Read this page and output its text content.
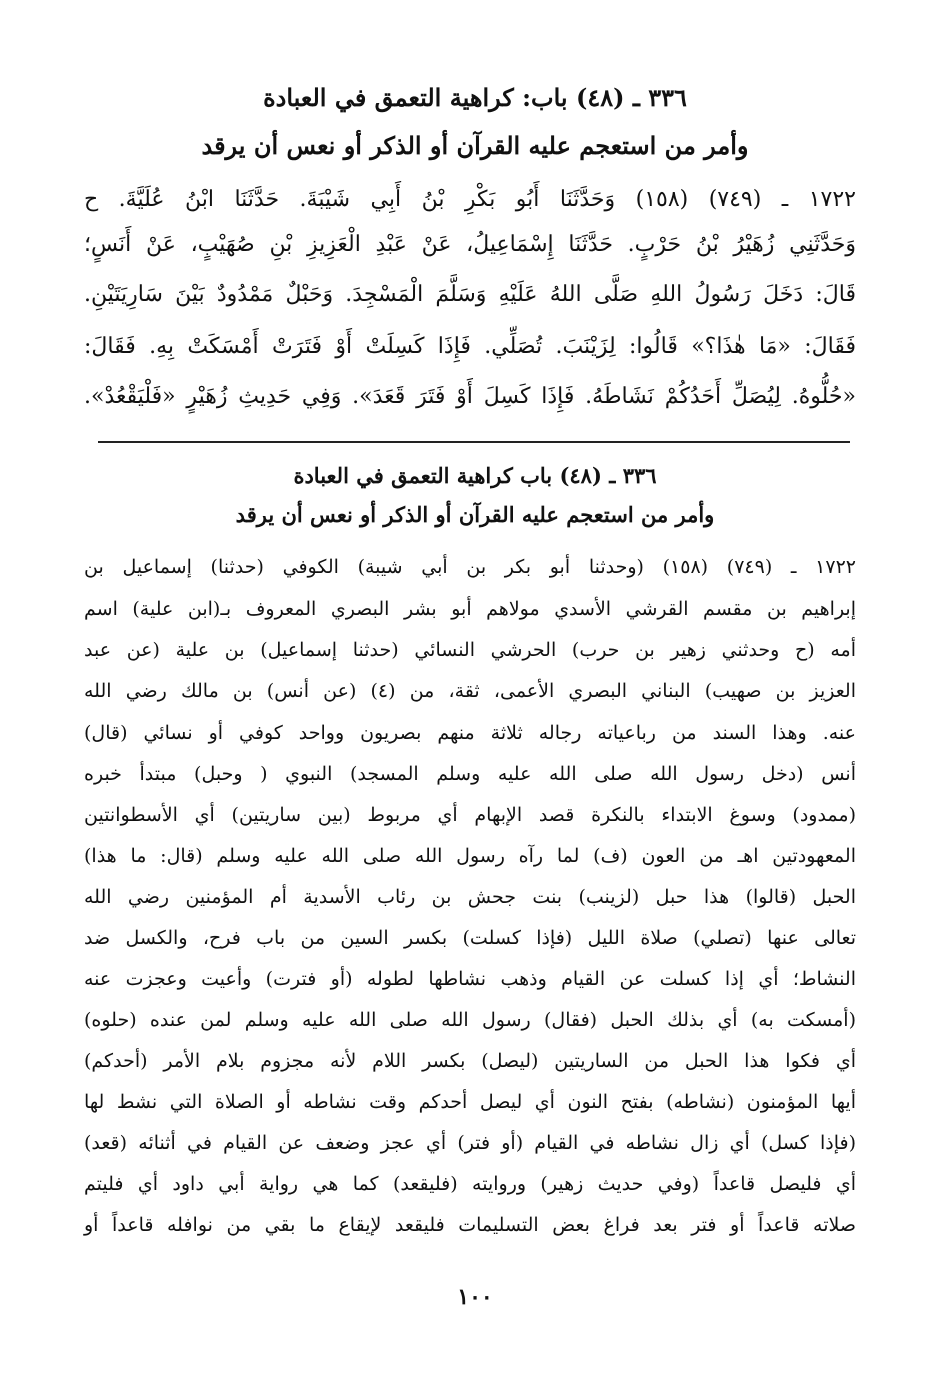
٣٣٦ ـ (٤٨) باب: كراهية التعمق في العبادة
وأمر من استعجم عليه القرآن أو الذكر أو نعس أن يرقد
١٧٢٢ ـ (٧٤٩) (١٥٨) وَحَدَّثَنَا أَبُو بَكْرِ بْنُ أَبِي شَيْبَةَ. حَدَّثَنَا ابْنُ عُلَيَّةَ. ح
وَحَدَّثَنِي زُهَيْرُ بْنُ حَرْبٍ. حَدَّثَنَا إِسْمَاعِيلُ، عَنْ عَبْدِ الْعَزِيزِ بْنِ صُهَيْبٍ، عَنْ أَنَسٍ؛
قَالَ: دَخَلَ رَسُولُ اللهِ صَلَّى اللهُ عَلَيْهِ وَسَلَّمَ الْمَسْجِدَ. وَحَبْلٌ مَمْدُودٌ بَيْنَ سَارِيَتَيْنِ.
فَقَالَ: «مَا هٰذَا؟» قَالُوا: لِزَيْنَبَ. تُصَلِّي. فَإِذَا كَسِلَتْ أَوْ فَتَرَتْ أَمْسَكَتْ بِهِ. فَقَالَ:
«حُلُّوهُ. لِيُصَلِّ أَحَدُكُمْ نَشَاطَهُ. فَإِذَا كَسِلَ أَوْ فَتَرَ قَعَدَ». وَفِي حَدِيثِ زُهَيْرٍ «فَلْيَقْعُدْ».
٣٣٦ ـ (٤٨) باب كراهية التعمق في العبادة
وأمر من استعجم عليه القرآن أو الذكر أو نعس أن يرقد
١٧٢٢ ـ (٧٤٩) (١٥٨) (وحدثنا أبو بكر بن أبي شيبة) الكوفي (حدثنا) إسماعيل بن
إبراهيم بن مقسم القرشي الأسدي مولاهم أبو بشر البصري المعروف بـ(ابن علية) اسم
أمه (ح وحدثني زهير بن حرب) الحرشي النسائي (حدثنا إسماعيل) بن علية (عن عبد
العزيز بن صهيب) البناني البصري الأعمى، ثقة، من (٤) (عن أنس) بن مالك رضي الله
عنه. وهذا السند من رباعياته رجاله ثلاثة منهم بصريون وواحد كوفي أو نسائي (قال)
أنس (دخل رسول الله صلى الله عليه وسلم المسجد) النبوي ( وحبل) مبتدأ خبره
(ممدود) وسوغ الابتداء بالنكرة قصد الإبهام أي مربوط (بين ساريتين) أي الأسطوانتين
المعهودتين اهـ من العون (ف) لما رآه رسول الله صلى الله عليه وسلم (قال: ما هذا)
الحبل (قالوا) هذا حبل (لزينب) بنت جحش بن رئاب الأسدية أم المؤمنين رضي الله
تعالى عنها (تصلي) صلاة الليل (فإذا كسلت) بكسر السين من باب فرح، والكسل ضد
النشاط؛ أي إذا كسلت عن القيام وذهب نشاطها لطوله (أو فترت) وأعيت وعجزت عنه
(أمسكت به) أي بذلك الحبل (فقال) رسول الله صلى الله عليه وسلم لمن عنده (حلوه)
أي فكوا هذا الحبل من الساريتين (ليصل) بكسر اللام لأنه مجزوم بلام الأمر (أحدكم)
أيها المؤمنون (نشاطه) بفتح النون أي ليصل أحدكم وقت نشاطه أو الصلاة التي نشط لها
(فإذا كسل) أي زال نشاطه في القيام (أو فتر) أي عجز وضعف عن القيام في أثنائه (قعد)
أي فليصل قاعداً (وفي حديث زهير) وروايته (فليقعد) كما هي رواية أبي داود أي فليتم
صلاته قاعداً أو فتر بعد فراغ بعض التسليمات فليقعد لإيقاع ما بقي من نوافله قاعداً أو
١٠٠
